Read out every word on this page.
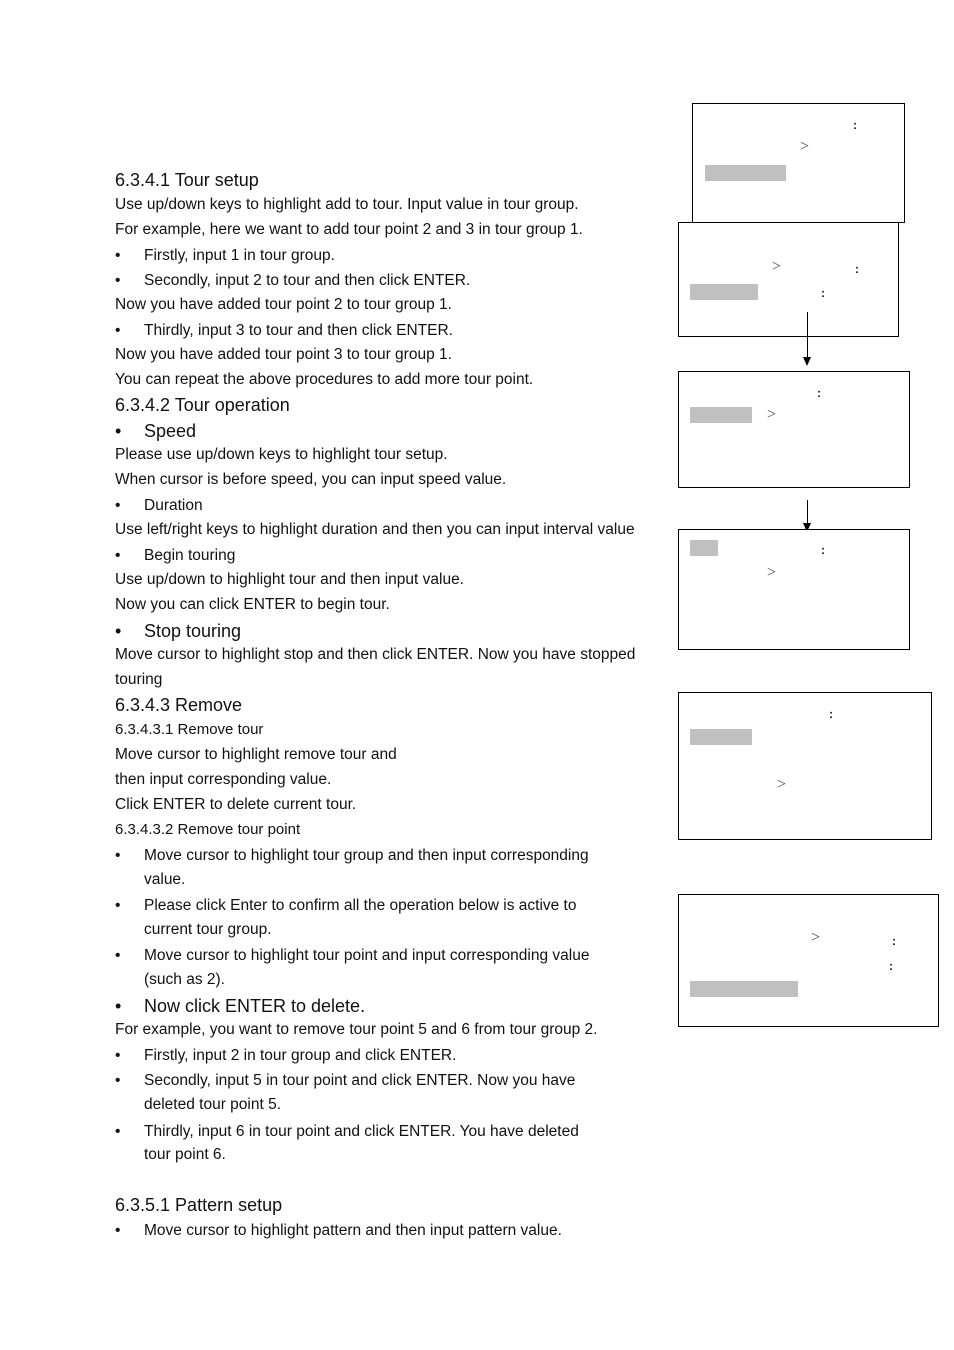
6.3.4.1 Tour setup
Use up/down keys to highlight add to tour. Input value in tour group.
For example, here we want to add tour point 2 and 3 in tour group 1.
• Firstly, input 1 in tour group.
• Secondly, input 2 to tour and then click ENTER.
Now you have added tour point 2 to tour group 1.
• Thirdly, input 3 to tour and then click ENTER.
Now you have added tour point 3 to tour group 1.
You can repeat the above procedures to add more tour point.
6.3.4.2 Tour operation
• Speed
Please use up/down keys to highlight tour setup.
When cursor is before speed, you can input speed value.
• Duration
Use left/right keys to highlight duration and then you can input interval value
• Begin touring
Use up/down to highlight tour and then input value.
Now you can click ENTER to begin tour.
• Stop touring
Move cursor to highlight stop and then click ENTER. Now you have stopped
touring
6.3.4.3 Remove
6.3.4.3.1 Remove tour
Move cursor to highlight remove tour and
then input corresponding value.
Click ENTER to delete current tour.
6.3.4.3.2 Remove tour point
• Move cursor to highlight tour group and then input corresponding
value.
• Please click Enter to confirm all the operation below is active to
current tour group.
• Move cursor to highlight tour point and input corresponding value
(such as 2).
• Now click ENTER to delete.
For example, you want to remove tour point 5 and 6 from tour group 2.
• Firstly, input 2 in tour group and click ENTER.
• Secondly, input 5 in tour point and click ENTER. Now you have
deleted tour point 5.
• Thirdly, input 6 in tour point and click ENTER. You have deleted
tour point 6.
6.3.5.1 Pattern setup
• Move cursor to highlight pattern and then input pattern value.
:
>
>	:
:
:
>
:
>
:
>
>	:
:
